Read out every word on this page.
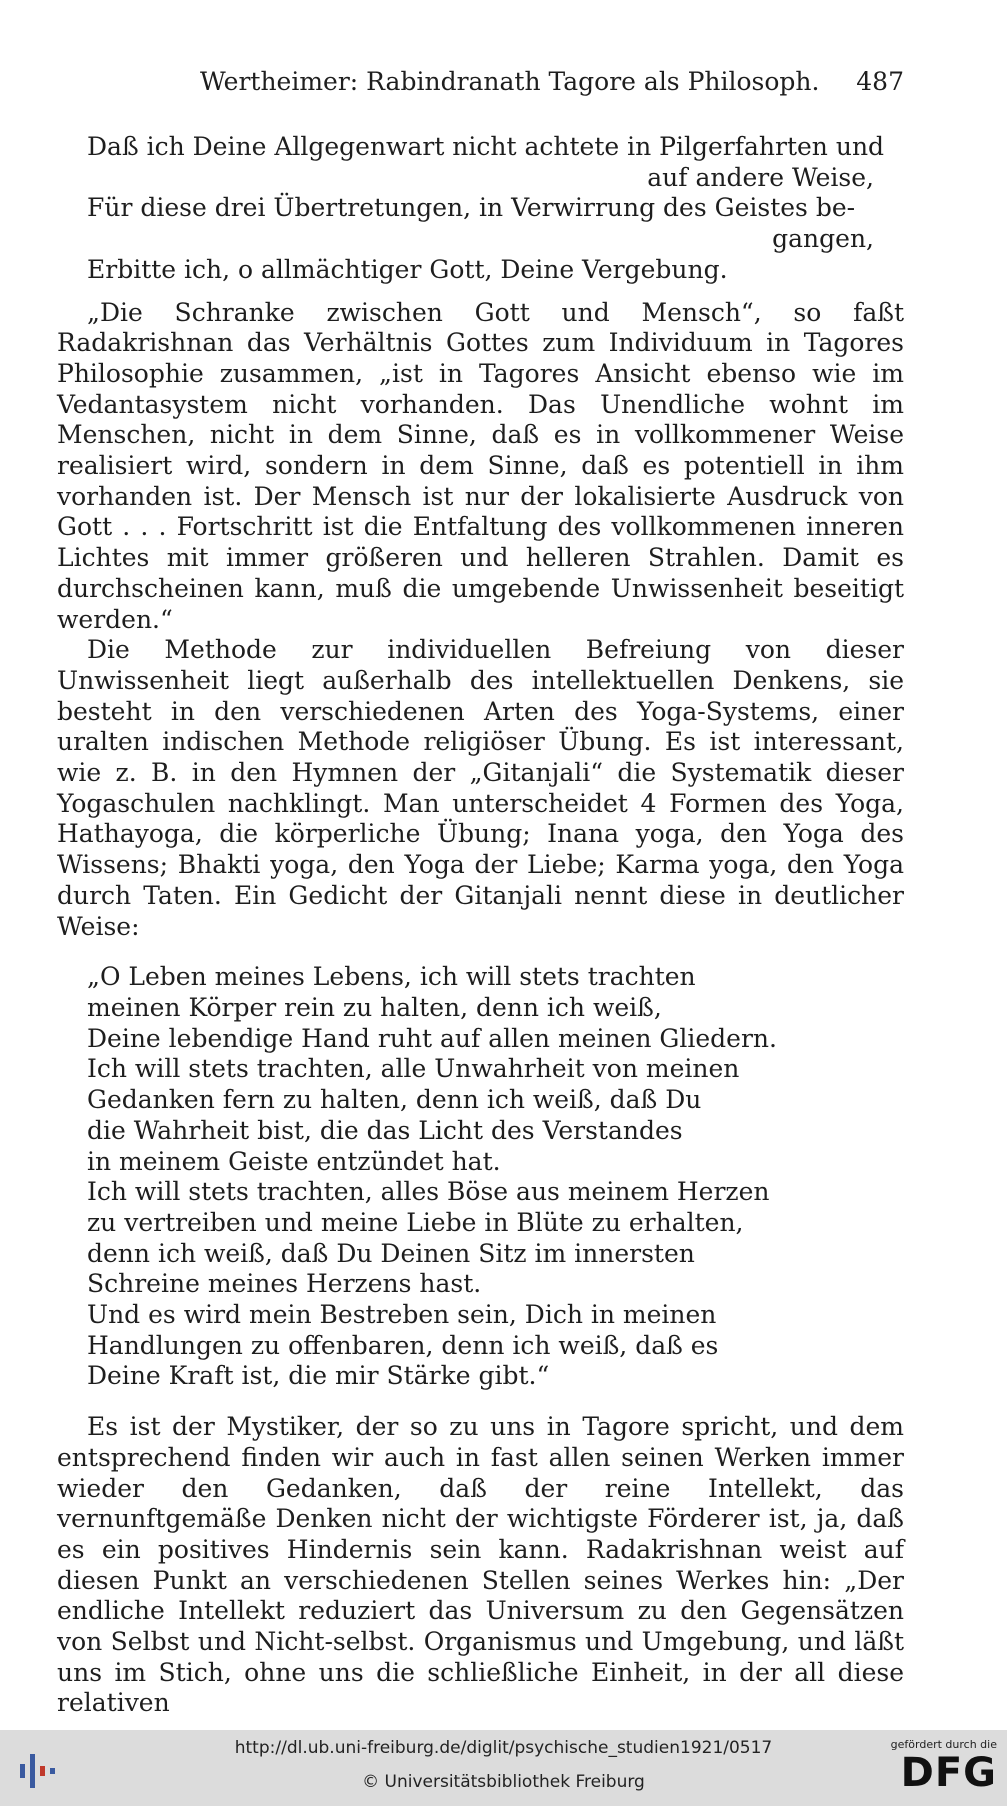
Wertheimer: Rabindranath Tagore als Philosoph. 487
Daß ich Deine Allgegenwart nicht achtete in Pilgerfahrten und
auf andere Weise,
Für diese drei Übertretungen, in Verwirrung des Geistes be-
gangen,
Erbitte ich, o allmächtiger Gott, Deine Vergebung.

„Die Schranke zwischen Gott und Mensch“, so faßt Radakrishnan das Verhältnis Gottes zum Individuum in Tagores Philosophie zusammen, „ist in Tagores Ansicht ebenso wie im Vedantasystem nicht vorhanden. Das Unendliche wohnt im Menschen, nicht in dem Sinne, daß es in vollkommener Weise realisiert wird, sondern in dem Sinne, daß es potentiell in ihm vorhanden ist. Der Mensch ist nur der lokalisierte Ausdruck von Gott . . . Fortschritt ist die Entfaltung des vollkommenen inneren Lichtes mit immer größeren und helleren Strahlen. Damit es durchscheinen kann, muß die umgebende Unwissenheit beseitigt werden.“

Die Methode zur individuellen Befreiung von dieser Unwissenheit liegt außerhalb des intellektuellen Denkens, sie besteht in den verschiedenen Arten des Yoga-Systems, einer uralten indischen Methode religiöser Übung. Es ist interessant, wie z. B. in den Hymnen der „Gitanjali“ die Systematik dieser Yogaschulen nachklingt. Man unterscheidet 4 Formen des Yoga, Hathayoga, die körperliche Übung; Inana yoga, den Yoga des Wissens; Bhakti yoga, den Yoga der Liebe; Karma yoga, den Yoga durch Taten. Ein Gedicht der Gitanjali nennt diese in deutlicher Weise:

„O Leben meines Lebens, ich will stets trachten
meinen Körper rein zu halten, denn ich weiß,
Deine lebendige Hand ruht auf allen meinen Gliedern.
Ich will stets trachten, alle Unwahrheit von meinen
Gedanken fern zu halten, denn ich weiß, daß Du
die Wahrheit bist, die das Licht des Verstandes
in meinem Geiste entzündet hat.
Ich will stets trachten, alles Böse aus meinem Herzen
zu vertreiben und meine Liebe in Blüte zu erhalten,
denn ich weiß, daß Du Deinen Sitz im innersten
Schreine meines Herzens hast.
Und es wird mein Bestreben sein, Dich in meinen
Handlungen zu offenbaren, denn ich weiß, daß es
Deine Kraft ist, die mir Stärke gibt.“

Es ist der Mystiker, der so zu uns in Tagore spricht, und dem entsprechend finden wir auch in fast allen seinen Werken immer wieder den Gedanken, daß der reine Intellekt, das vernunftgemäße Denken nicht der wichtigste Förderer ist, ja, daß es ein positives Hindernis sein kann. Radakrishnan weist auf diesen Punkt an verschiedenen Stellen seines Werkes hin: „Der endliche Intellekt reduziert das Universum zu den Gegensätzen von Selbst und Nicht-selbst. Organismus und Umgebung, und läßt uns im Stich, ohne uns die schließliche Einheit, in der all diese relativen

http://dl.ub.uni-freiburg.de/diglit/psychische_studien1921/0517
© Universitätsbibliothek Freiburg
gefördert durch die
DFG
